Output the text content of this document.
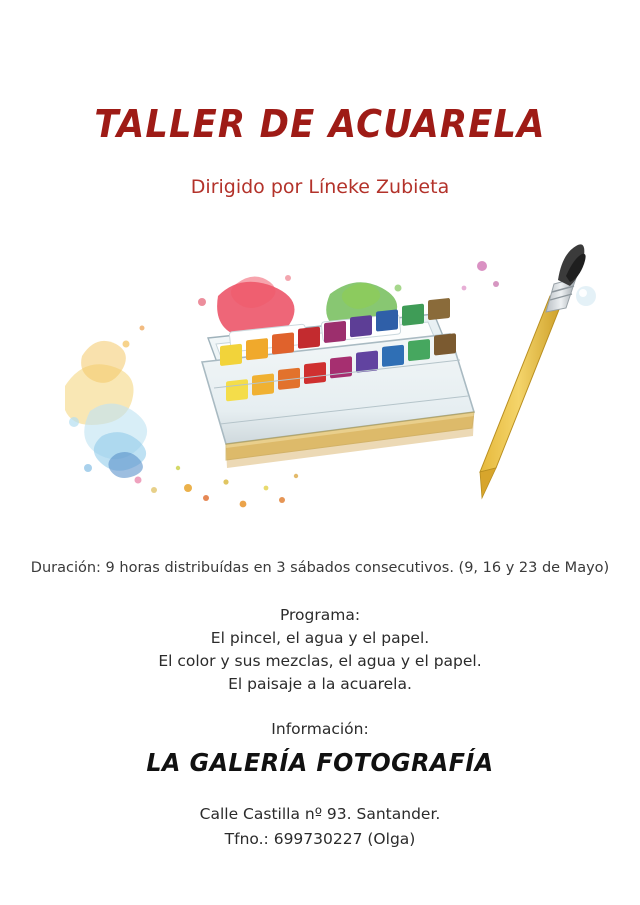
TALLER DE ACUARELA
Dirigido por Líneke Zubieta
Duración: 9 horas distribuídas en 3 sábados consecutivos. (9, 16 y 23 de Mayo)
Programa:
El pincel, el agua y el papel.
El color y sus mezclas, el agua y el papel.
El paisaje a la acuarela.
Información:
LA GALERÍA FOTOGRAFÍA
Calle Castilla nº 93. Santander.
Tfno.: 699730227 (Olga)
